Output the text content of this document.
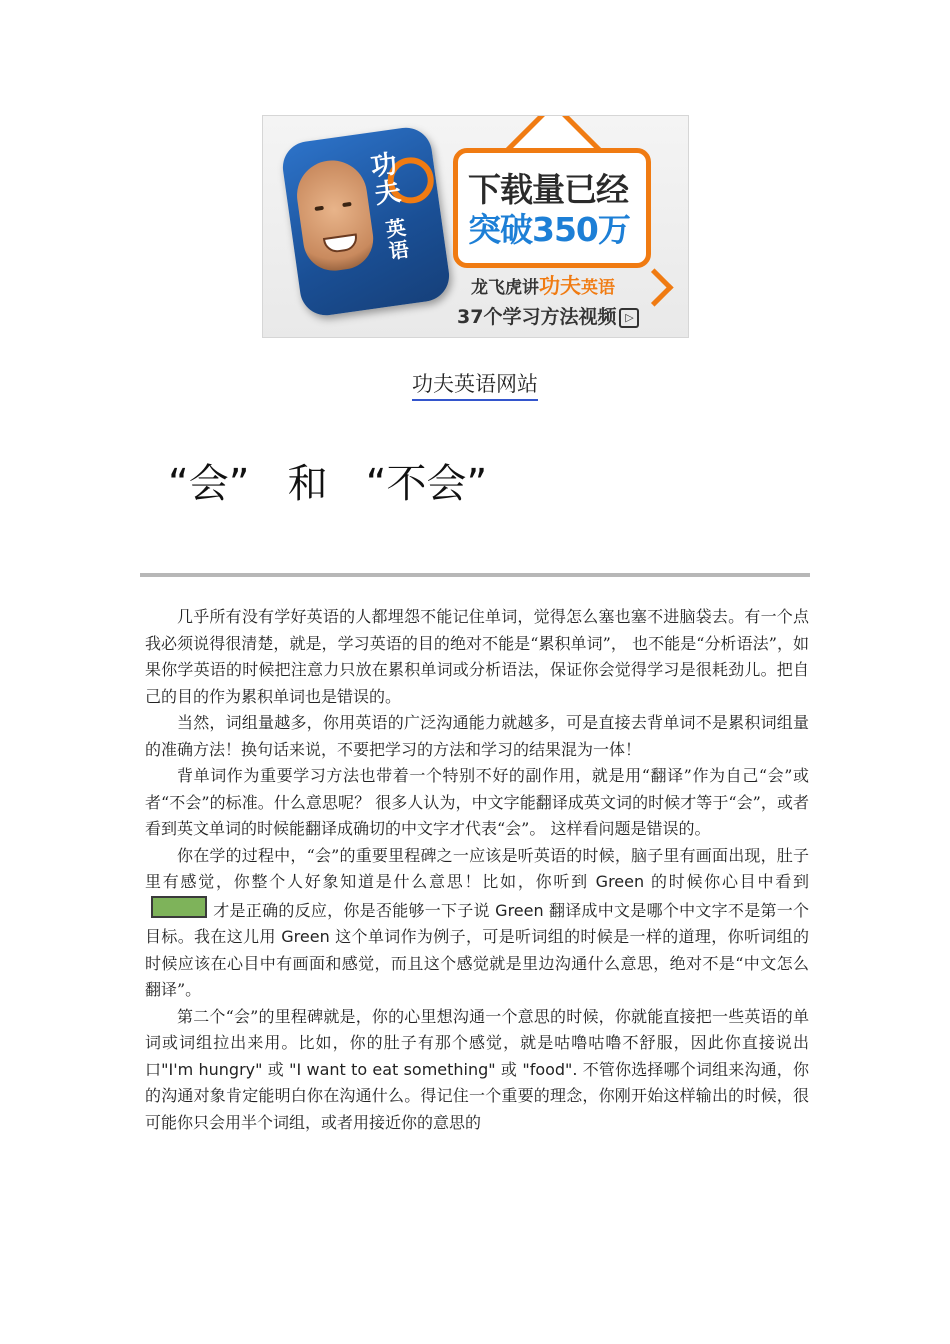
功夫
英语
下载量已经
突破350万
龙飞虎讲功夫英语
37个学习方法视频 ▷
功夫英语网站
“会”   和   “不会”

几乎所有没有学好英语的人都埋怨不能记住单词，觉得怎么塞也塞不进脑袋去。有一个点我必须说得很清楚，就是，学习英语的目的绝对不能是“累积单词”， 也不能是“分析语法”，如果你学英语的时候把注意力只放在累积单词或分析语法，保证你会觉得学习是很耗劲儿。把自己的目的作为累积单词也是错误的。

当然，词组量越多，你用英语的广泛沟通能力就越多，可是直接去背单词不是累积词组量的准确方法！换句话来说，不要把学习的方法和学习的结果混为一体！

背单词作为重要学习方法也带着一个特别不好的副作用，就是用“翻译”作为自己“会”或者“不会”的标准。什么意思呢？ 很多人认为，中文字能翻译成英文词的时候才等于“会”，或者看到英文单词的时候能翻译成确切的中文字才代表“会”。 这样看问题是错误的。

你在学的过程中，“会”的重要里程碑之一应该是听英语的时候，脑子里有画面出现，肚子里有感觉，你整个人好象知道是什么意思！比如，你听到 Green 的时候你心目中看到才是正确的反应，你是否能够一下子说 Green 翻译成中文是哪个中文字不是第一个目标。我在这儿用 Green 这个单词作为例子，可是听词组的时候是一样的道理，你听词组的时候应该在心目中有画面和感觉，而且这个感觉就是里边沟通什么意思，绝对不是“中文怎么翻译”。

第二个“会”的里程碑就是，你的心里想沟通一个意思的时候，你就能直接把一些英语的单词或词组拉出来用。比如，你的肚子有那个感觉，就是咕噜咕噜不舒服，因此你直接说出口"I'm hungry" 或 "I want to eat something" 或 "food". 不管你选择哪个词组来沟通，你的沟通对象肯定能明白你在沟通什么。得记住一个重要的理念，你刚开始这样输出的时候，很可能你只会用半个词组，或者用接近你的意思的
